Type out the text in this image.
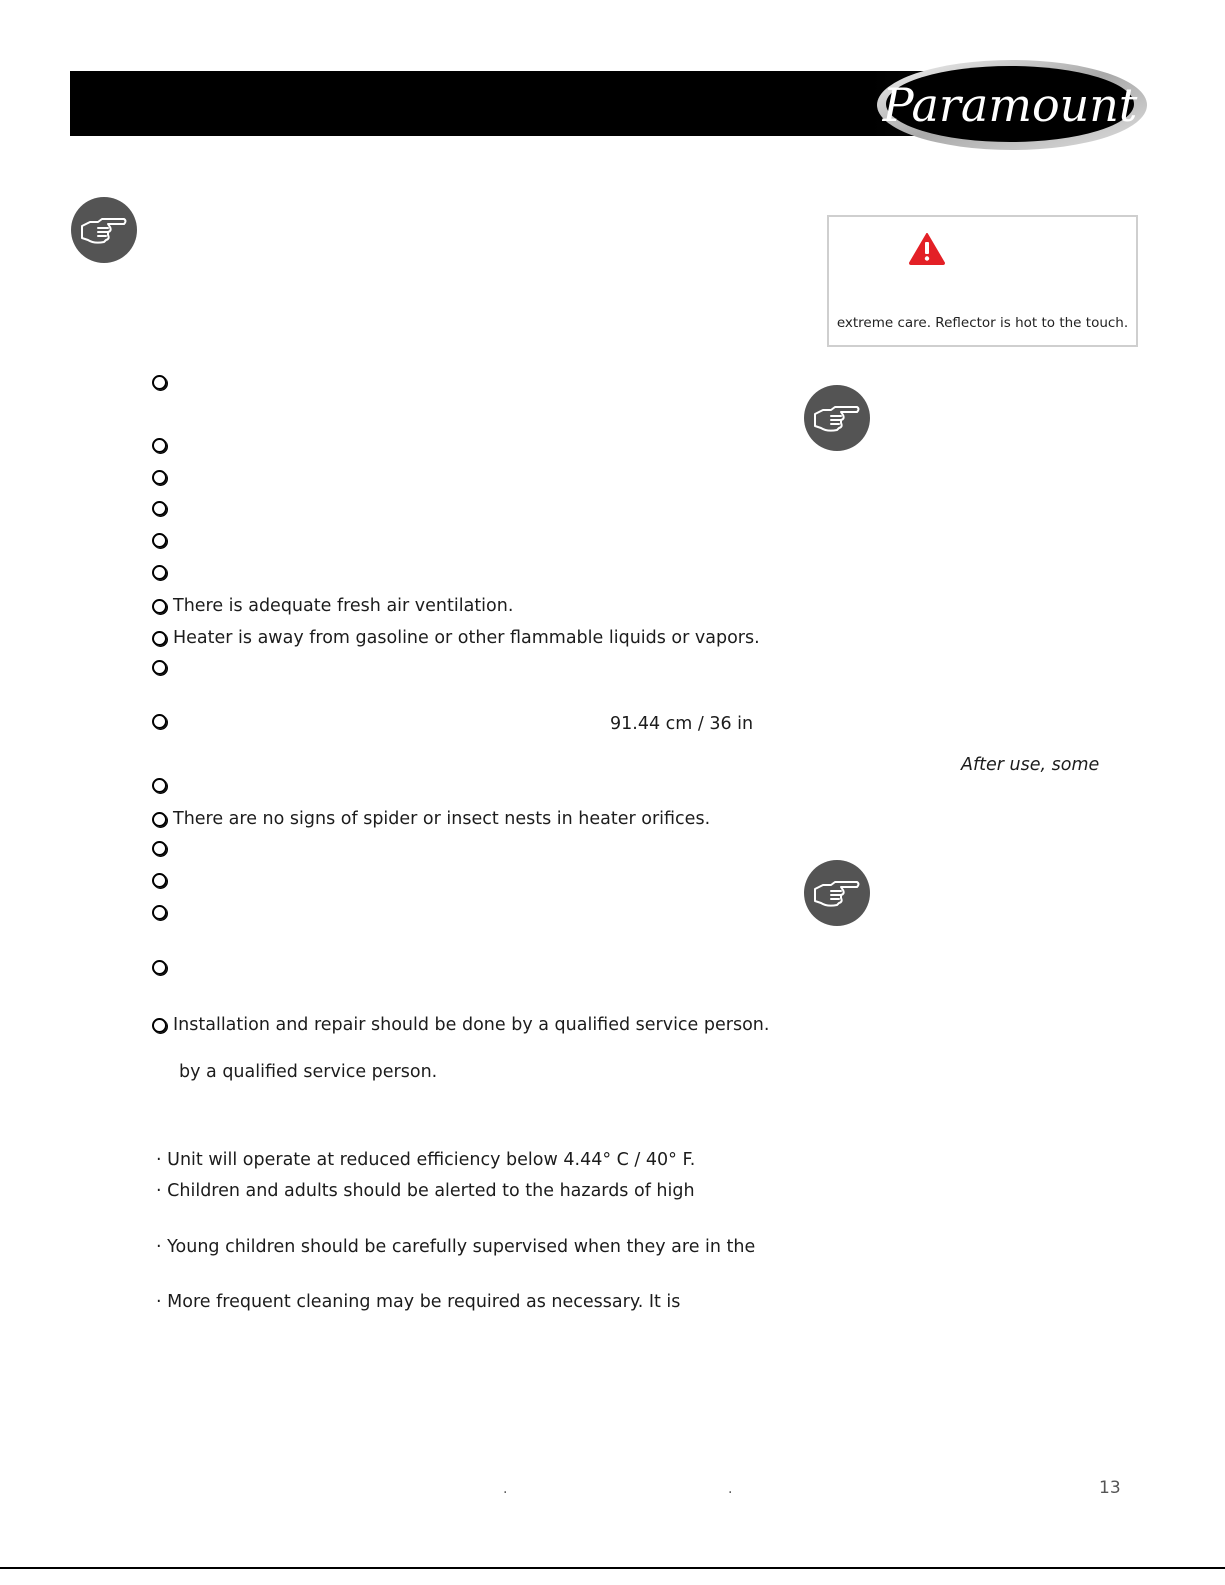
Paramount
extreme care. Reflector is hot to the touch.
There is adequate fresh air ventilation.
Heater is away from gasoline or other flammable liquids or vapors.
91.44 cm / 36 in
After use, some
There are no signs of spider or insect nests in heater orifices.
Installation and repair should be done by a qualified service person.
by a qualified service person.
· Unit will operate at reduced efficiency below 4.44° C / 40° F.
· Children and adults should be alerted to the hazards of high
· Young children should be carefully supervised when they are in the
· More frequent cleaning may be required as necessary. It is
.	.	13
